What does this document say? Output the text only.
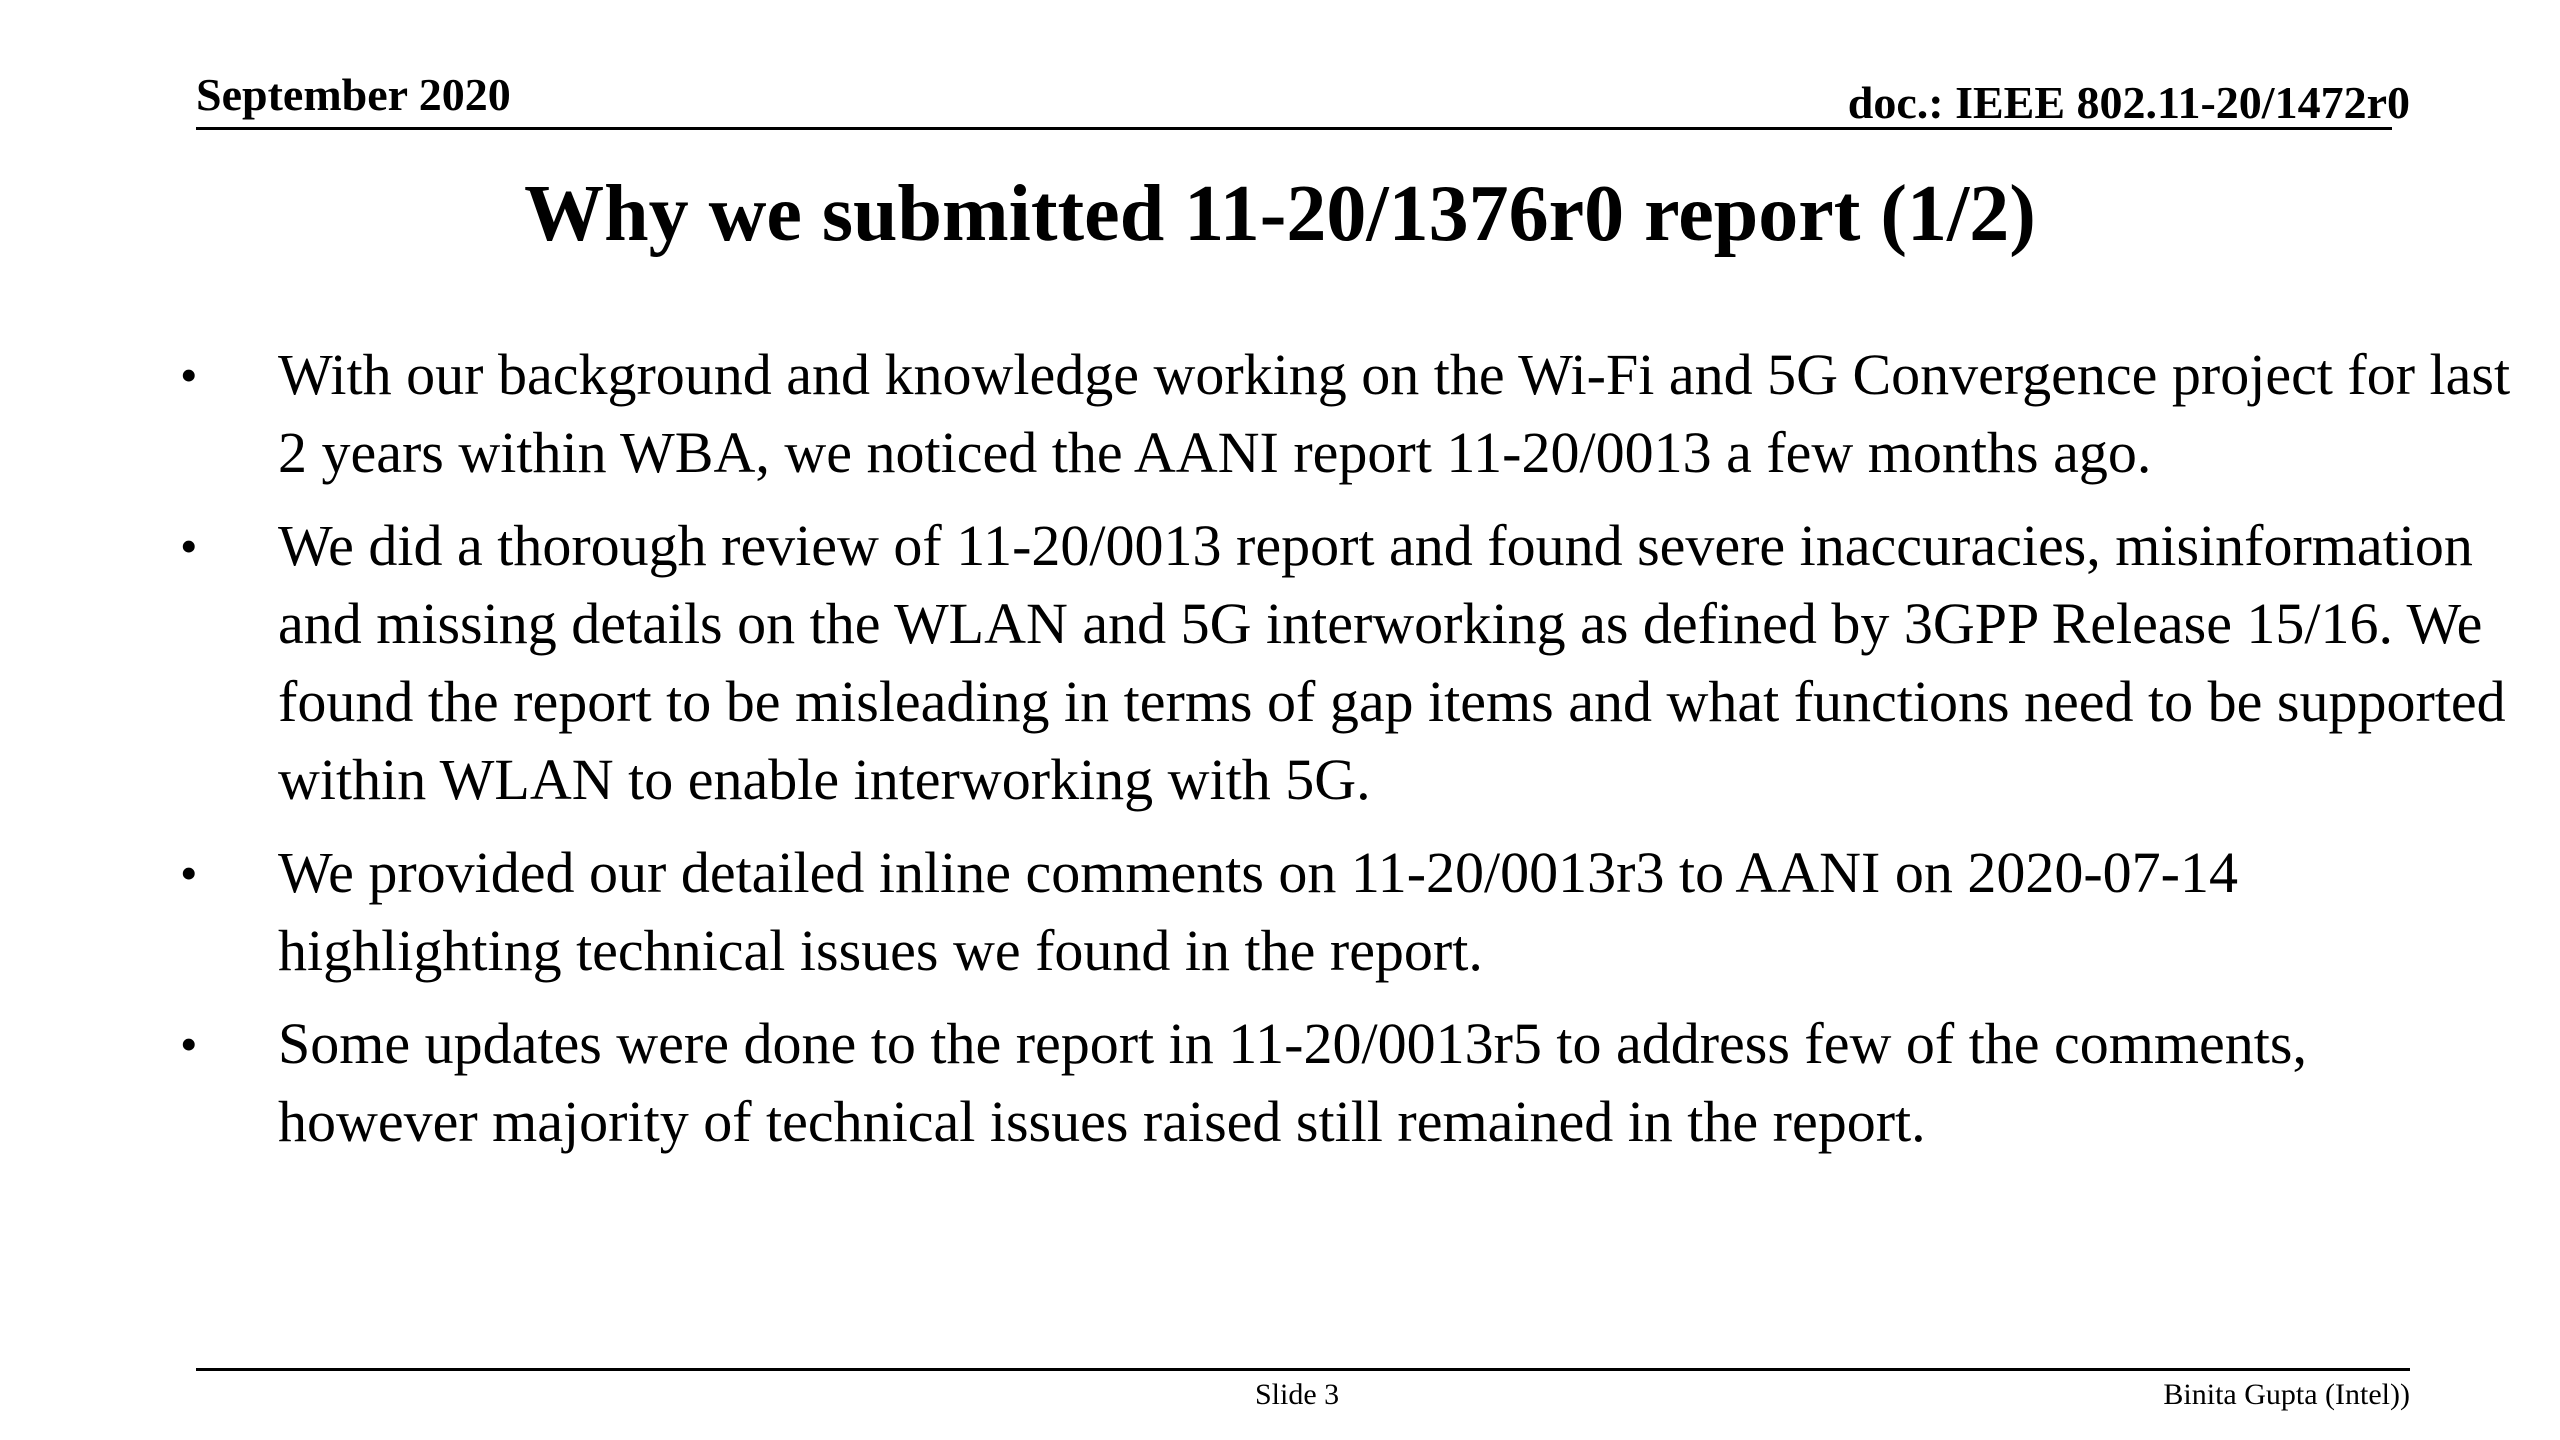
September 2020	doc.: IEEE 802.11-20/1472r0
Why we submitted 11-20/1376r0 report (1/2)
• With our background and knowledge working on the Wi-Fi and 5G Convergence project for last 2 years within WBA, we noticed the AANI report 11-20/0013 a few months ago.
• We did a thorough review of 11-20/0013 report and found severe inaccuracies, misinformation and missing details on the WLAN and 5G interworking as defined by 3GPP Release 15/16. We found the report to be misleading in terms of gap items and what functions need to be supported within WLAN to enable interworking with 5G.
• We provided our detailed inline comments on 11-20/0013r3 to AANI on 2020-07-14 highlighting technical issues we found in the report.
• Some updates were done to the report in 11-20/0013r5 to address few of the comments, however majority of technical issues raised still remained in the report.
Slide 3	Binita Gupta (Intel))
